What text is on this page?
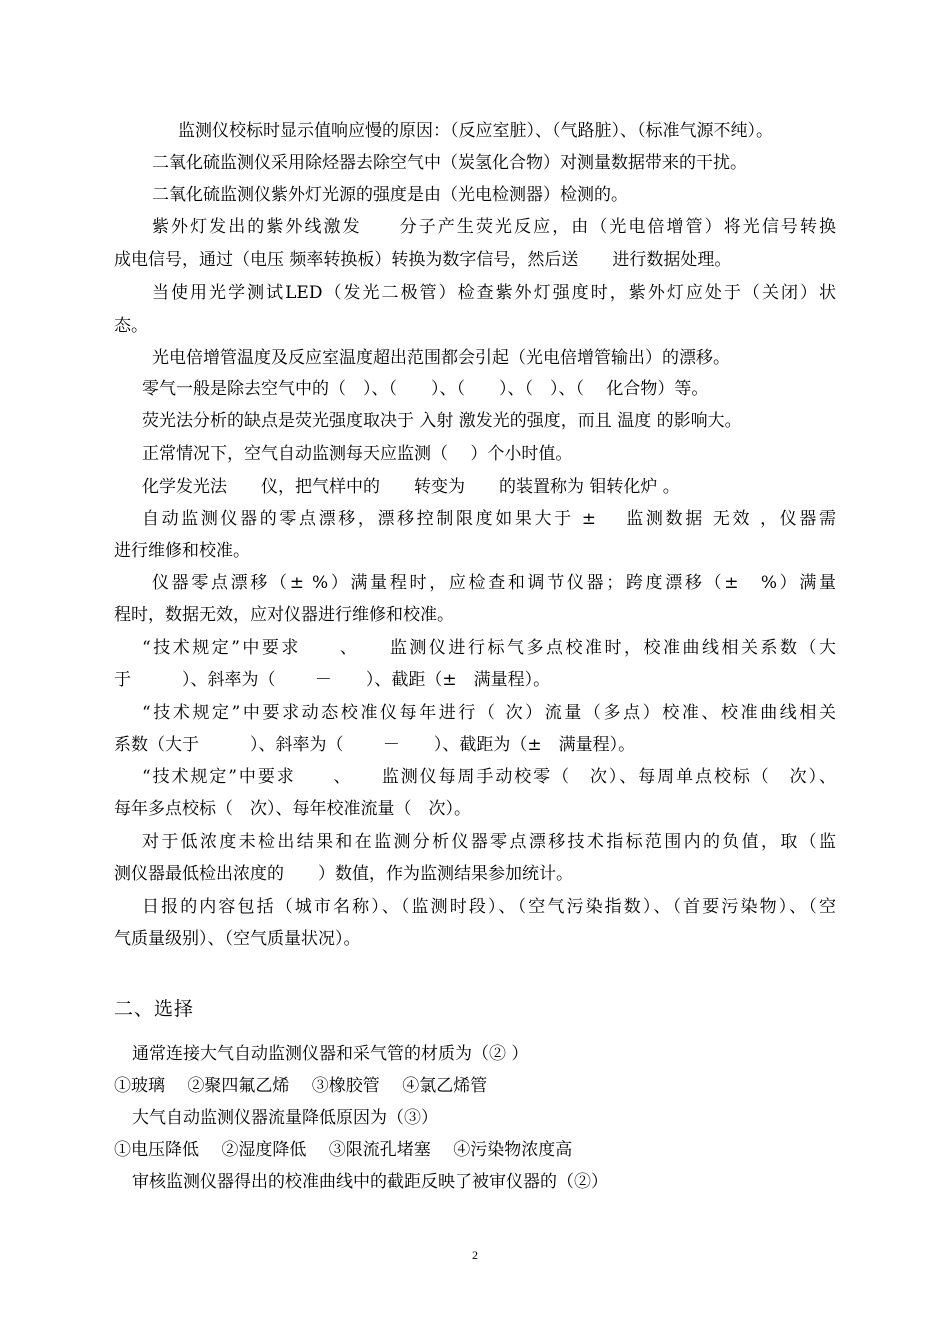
监测仪校标时显示值响应慢的原因：（反应室脏）、（气路脏）、（标准气源不纯）。
二氧化硫监测仪采用除烃器去除空气中（炭氢化合物）对测量数据带来的干扰。
二氧化硫监测仪紫外灯光源的强度是由（光电检测器）检测的。
紫外灯发出的紫外线激发　　分子产生荧光反应，由（光电倍增管）将光信号转换
成电信号，通过（电压 频率转换板）转换为数字信号，然后送　　进行数据处理。
当使用光学测试LED（发光二极管）检查紫外灯强度时，紫外灯应处于（关闭）状
态。
光电倍增管温度及反应室温度超出范围都会引起（光电倍增管输出）的漂移。
零气一般是除去空气中的（　）、（　　）、（　　）、（　）、（　 化合物）等。
荧光法分析的缺点是荧光强度取决于 入射 激发光的强度，而且 温度 的影响大。
正常情况下，空气自动监测每天应监测（　 ）个小时值。
化学发光法　　仪，把气样中的　　转变为　　的装置称为 钼转化炉 。
自动监测仪器的零点漂移，漂移控制限度如果大于 ±　 监测数据 无效 ，仪器需
进行维修和校准。
仪器零点漂移（± %）满量程时，应检查和调节仪器；跨度漂移（±　%）满量
程时，数据无效，应对仪器进行维修和校准。
“技术规定”中要求　　、　　监测仪进行标气多点校准时，校准曲线相关系数（大
于　　　）、斜率为（　　 －　　）、截距（±　满量程）。
“技术规定”中要求动态校准仪每年进行（ 次）流量（多点）校准、校准曲线相关
系数（大于　　　）、斜率为（　　 －　　）、截距为（±　满量程）。
“技术规定”中要求　　、　　监测仪每周手动校零（　次）、每周单点校标（　次）、
每年多点校标（　次）、每年校准流量（　次）。
对于低浓度未检出结果和在监测分析仪器零点漂移技术指标范围内的负值，取（监
测仪器最低检出浓度的　　）数值，作为监测结果参加统计。
日报的内容包括（城市名称）、（监测时段）、（空气污染指数）、（首要污染物）、（空
气质量级别）、（空气质量状况）。
二、选择
通常连接大气自动监测仪器和采气管的材质为（② ）
①玻璃　 ②聚四氟乙烯　 ③橡胶管　 ④氯乙烯管
大气自动监测仪器流量降低原因为（③）
①电压降低　 ②湿度降低　 ③限流孔堵塞　 ④污染物浓度高
审核监测仪器得出的校准曲线中的截距反映了被审仪器的（②）
2
